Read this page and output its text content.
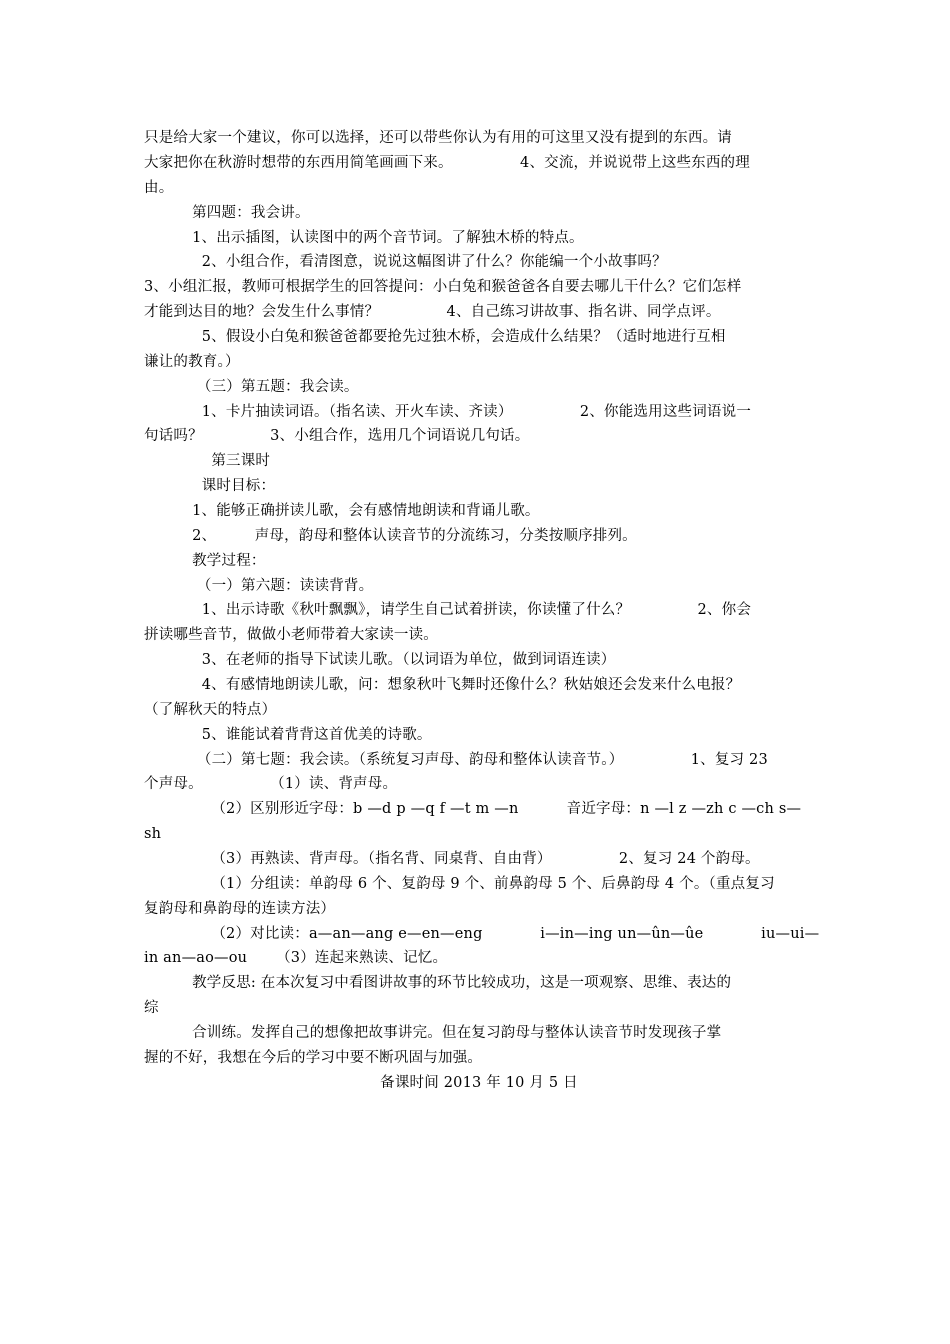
只是给大家一个建议，你可以选择，还可以带些你认为有用的可这里又没有提到的东西。请
大家把你在秋游时想带的东西用简笔画画下来。              4、交流，并说说带上这些东西的理
由。
第四题：我会讲。
1、出示插图，认读图中的两个音节词。了解独木桥的特点。
2、小组合作，看清图意，说说这幅图讲了什么？你能编一个小故事吗？
3、小组汇报，教师可根据学生的回答提问：小白兔和猴爸爸各自要去哪儿干什么？它们怎样
才能到达目的地？会发生什么事情？              4、自己练习讲故事、指名讲、同学点评。
5、假设小白兔和猴爸爸都要抢先过独木桥，会造成什么结果？（适时地进行互相
谦让的教育。）
（三）第五题：我会读。
1、卡片抽读词语。（指名读、开火车读、齐读）              2、你能选用这些词语说一
句话吗？              3、小组合作，选用几个词语说几句话。
第三课时
课时目标：
1、能够正确拼读儿歌，会有感情地朗读和背诵儿歌。
2、        声母，韵母和整体认读音节的分流练习，分类按顺序排列。
教学过程：
（一）第六题：读读背背。
1、出示诗歌《秋叶飘飘》，请学生自己试着拼读，你读懂了什么？              2、你会
拼读哪些音节，做做小老师带着大家读一读。
3、在老师的指导下试读儿歌。（以词语为单位，做到词语连读）
4、有感情地朗读儿歌，问：想象秋叶飞舞时还像什么？秋姑娘还会发来什么电报？
（了解秋天的特点）
5、谁能试着背背这首优美的诗歌。
（二）第七题：我会读。（系统复习声母、韵母和整体认读音节。）              1、复习 23
个声母。              （1）读、背声母。
（2）区别形近字母：b —d p —q f —t m —n          音近字母：n —l z —zh c —ch s—
sh
（3）再熟读、背声母。（指名背、同桌背、自由背）              2、复习 24 个韵母。
（1）分组读：单韵母 6 个、复韵母 9 个、前鼻韵母 5 个、后鼻韵母 4 个。（重点复习
复韵母和鼻韵母的连读方法）
（2）对比读：a—an—ang e—en—eng            i—in—ing un—ûn—ûe            iu—ui—
in an—ao—ou      （3）连起来熟读、记忆。
教学反思: 在本次复习中看图讲故事的环节比较成功，这是一项观察、思维、表达的
综
合训练。发挥自己的想像把故事讲完。但在复习韵母与整体认读音节时发现孩子掌
握的不好，我想在今后的学习中要不断巩固与加强。
备课时间 2013 年 10 月 5 日
